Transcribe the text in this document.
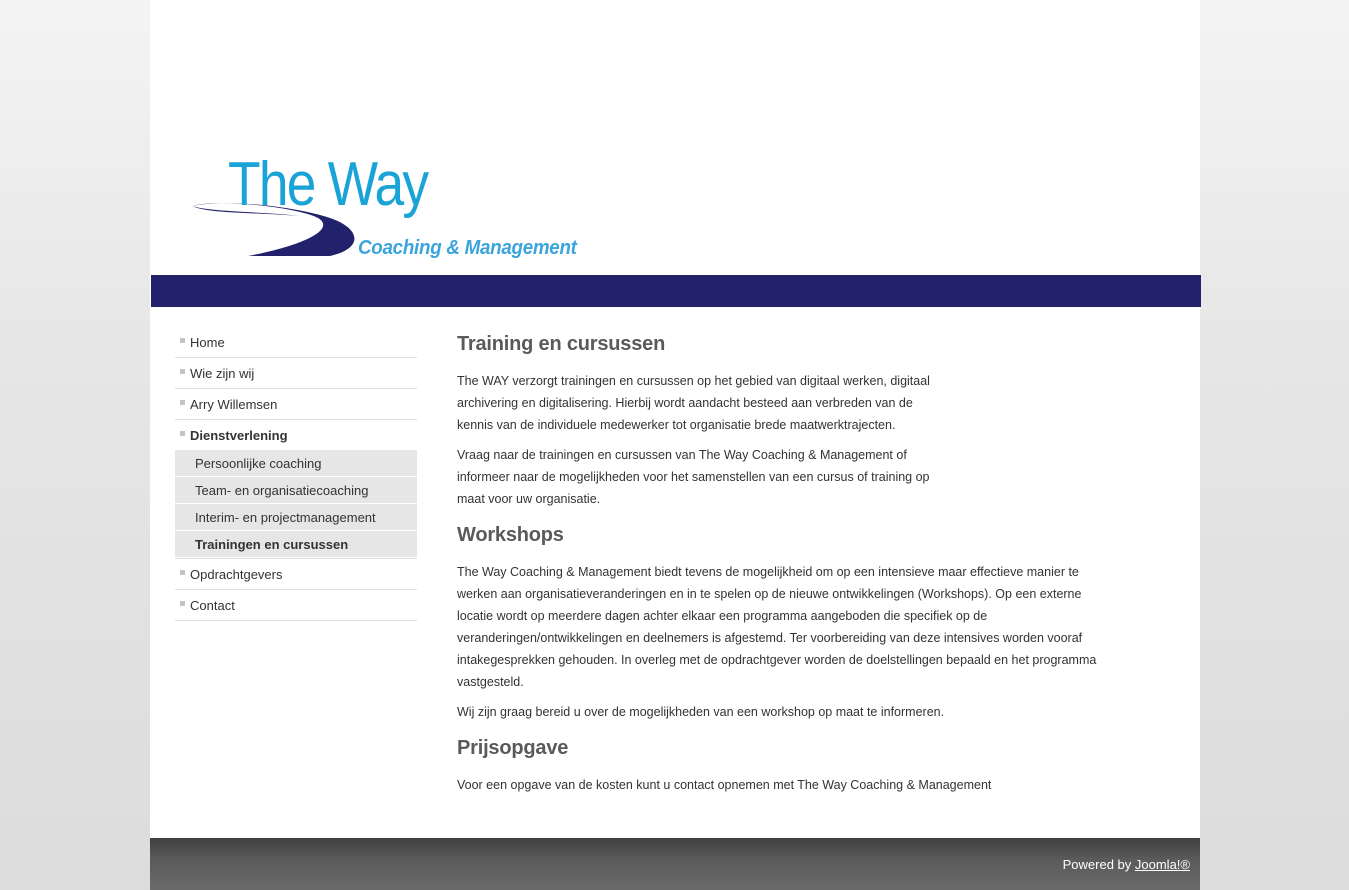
The Way
Coaching & Management
Home
Wie zijn wij
Arry Willemsen
Dienstverlening
Persoonlijke coaching
Team- en organisatiecoaching
Interim- en projectmanagement
Trainingen en cursussen
Opdrachtgevers
Contact
Training en cursussen

The WAY verzorgt trainingen en cursussen op het gebied van digitaal werken, digitaal archivering en digitalisering. Hierbij wordt aandacht besteed aan verbreden van de kennis van de individuele medewerker tot organisatie brede maatwerktrajecten.

Vraag naar de trainingen en cursussen van The Way Coaching & Management of informeer naar de mogelijkheden voor het samenstellen van een cursus of training op maat voor uw organisatie.

Workshops

The Way Coaching & Management biedt tevens de mogelijkheid om op een intensieve maar effectieve manier te werken aan organisatieveranderingen en in te spelen op de nieuwe ontwikkelingen (Workshops). Op een externe locatie wordt op meerdere dagen achter elkaar een programma aangeboden die specifiek op de veranderingen/ontwikkelingen en deelnemers is afgestemd. Ter voorbereiding van deze intensives worden vooraf intakegesprekken gehouden. In overleg met de opdrachtgever worden de doelstellingen bepaald en het programma vastgesteld.

Wij zijn graag bereid u over de mogelijkheden van een workshop op maat te informeren.

Prijsopgave

Voor een opgave van de kosten kunt u contact opnemen met The Way Coaching & Management

Powered by Joomla!®
